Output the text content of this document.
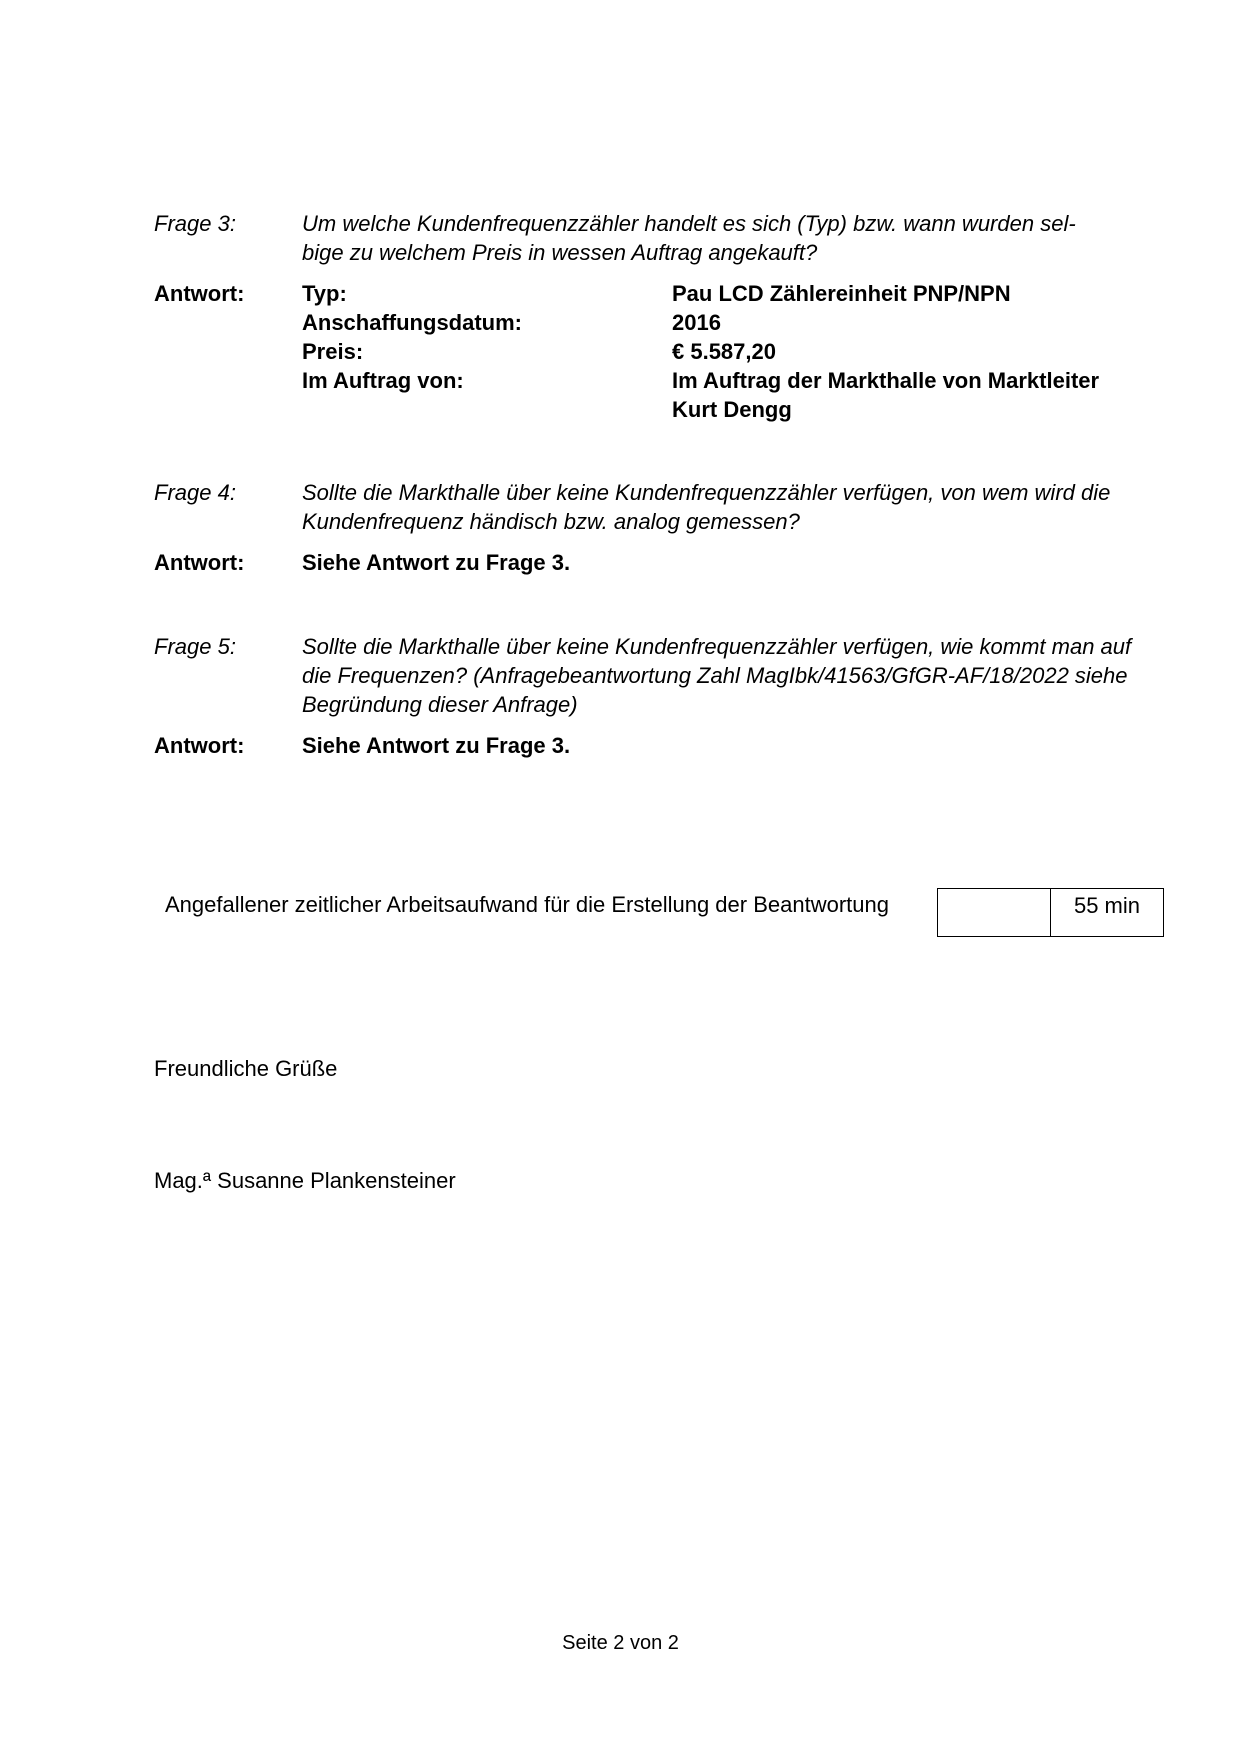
Frage 3:	Um welche Kundenfrequenzzähler handelt es sich (Typ) bzw. wann wurden sel-
bige zu welchem Preis in wessen Auftrag angekauft?
Antwort:	Typ:	Pau LCD Zählereinheit PNP/NPN
Anschaffungsdatum:	2016
Preis:	€ 5.587,20
Im Auftrag von:	Im Auftrag der Markthalle von Marktleiter Kurt Dengg
Frage 4:	Sollte die Markthalle über keine Kundenfrequenzzähler verfügen, von wem wird die Kundenfrequenz händisch bzw. analog gemessen?
Antwort:	Siehe Antwort zu Frage 3.
Frage 5:	Sollte die Markthalle über keine Kundenfrequenzzähler verfügen, wie kommt man auf die Frequenzen? (Anfragebeantwortung Zahl MagIbk/41563/GfGR-AF/18/2022 siehe Begründung dieser Anfrage)
Antwort:	Siehe Antwort zu Frage 3.
Angefallener zeitlicher Arbeitsaufwand für die Erstellung der Beantwortung	55 min
Freundliche Grüße
Mag.ª Susanne Plankensteiner
Seite 2 von 2
